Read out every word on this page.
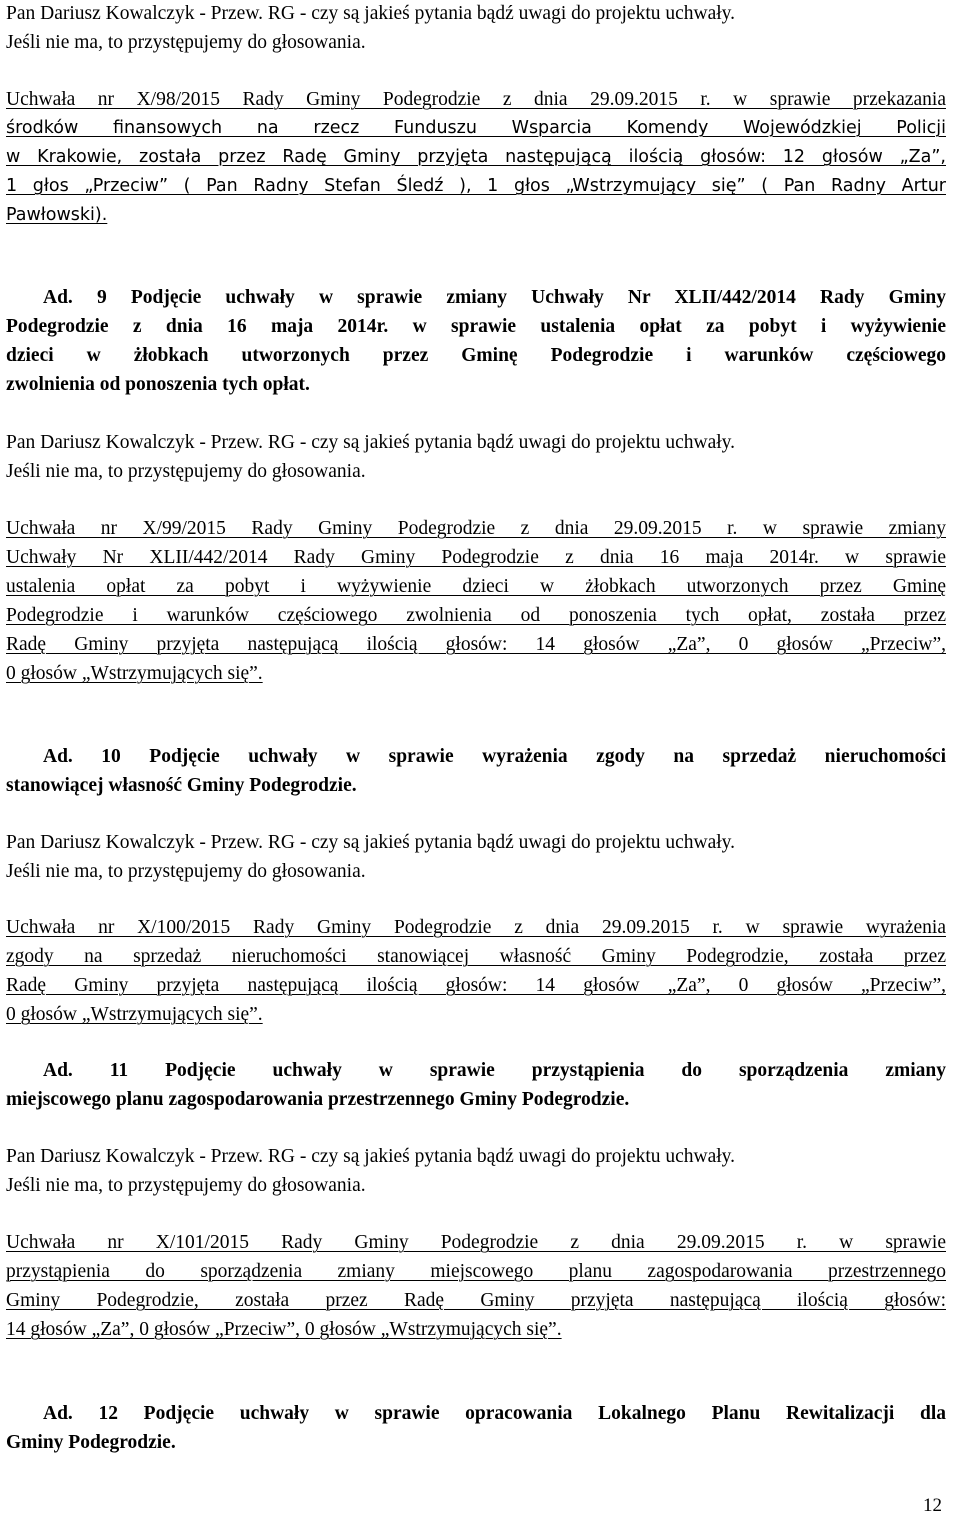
Pan Dariusz Kowalczyk - Przew. RG - czy są jakieś pytania bądź uwagi do projektu uchwały.
Jeśli nie ma, to przystępujemy do głosowania.
Uchwała nr X/98/2015 Rady Gminy Podegrodzie z dnia 29.09.2015 r. w sprawie przekazania
środków finansowych na rzecz Funduszu Wsparcia Komendy Wojewódzkiej Policji
w Krakowie, została przez Radę Gminy przyjęta następującą ilością głosów: 12 głosów „Za”,
1 głos „Przeciw” ( Pan Radny Stefan Śledź ), 1 głos „Wstrzymujący się” ( Pan Radny Artur
Pawłowski).
Ad. 9 Podjęcie uchwały w sprawie zmiany Uchwały Nr XLII/442/2014 Rady Gminy
Podegrodzie z dnia 16 maja 2014r. w sprawie ustalenia opłat za pobyt i wyżywienie
dzieci w żłobkach utworzonych przez Gminę Podegrodzie i warunków częściowego
zwolnienia od ponoszenia tych opłat.
Pan Dariusz Kowalczyk - Przew. RG - czy są jakieś pytania bądź uwagi do projektu uchwały.
Jeśli nie ma, to przystępujemy do głosowania.
Uchwała nr X/99/2015 Rady Gminy Podegrodzie z dnia 29.09.2015 r. w sprawie zmiany
Uchwały Nr XLII/442/2014 Rady Gminy Podegrodzie z dnia 16 maja 2014r. w sprawie
ustalenia opłat za pobyt i wyżywienie dzieci w żłobkach utworzonych przez Gminę
Podegrodzie i warunków częściowego zwolnienia od ponoszenia tych opłat, została przez
Radę Gminy przyjęta następującą ilością głosów: 14 głosów „Za”, 0 głosów „Przeciw”,
0 głosów „Wstrzymujących się”.
Ad. 10 Podjęcie uchwały w sprawie wyrażenia zgody na sprzedaż nieruchomości
stanowiącej własność Gminy Podegrodzie.
Pan Dariusz Kowalczyk - Przew. RG - czy są jakieś pytania bądź uwagi do projektu uchwały.
Jeśli nie ma, to przystępujemy do głosowania.
Uchwała nr X/100/2015 Rady Gminy Podegrodzie z dnia 29.09.2015 r. w sprawie wyrażenia
zgody na sprzedaż nieruchomości stanowiącej własność Gminy Podegrodzie, została przez
Radę Gminy przyjęta następującą ilością głosów: 14 głosów „Za”, 0 głosów „Przeciw”,
0 głosów „Wstrzymujących się”.
Ad. 11 Podjęcie uchwały w sprawie przystąpienia do sporządzenia zmiany
miejscowego planu zagospodarowania przestrzennego Gminy Podegrodzie.
Pan Dariusz Kowalczyk - Przew. RG - czy są jakieś pytania bądź uwagi do projektu uchwały.
Jeśli nie ma, to przystępujemy do głosowania.
Uchwała nr X/101/2015 Rady Gminy Podegrodzie z dnia 29.09.2015 r. w sprawie
przystąpienia do sporządzenia zmiany miejscowego planu zagospodarowania przestrzennego
Gminy Podegrodzie, została przez Radę Gminy przyjęta następującą ilością głosów:
14 głosów „Za”, 0 głosów „Przeciw”, 0 głosów „Wstrzymujących się”.
Ad. 12 Podjęcie uchwały w sprawie opracowania Lokalnego Planu Rewitalizacji dla
Gminy Podegrodzie.
12
